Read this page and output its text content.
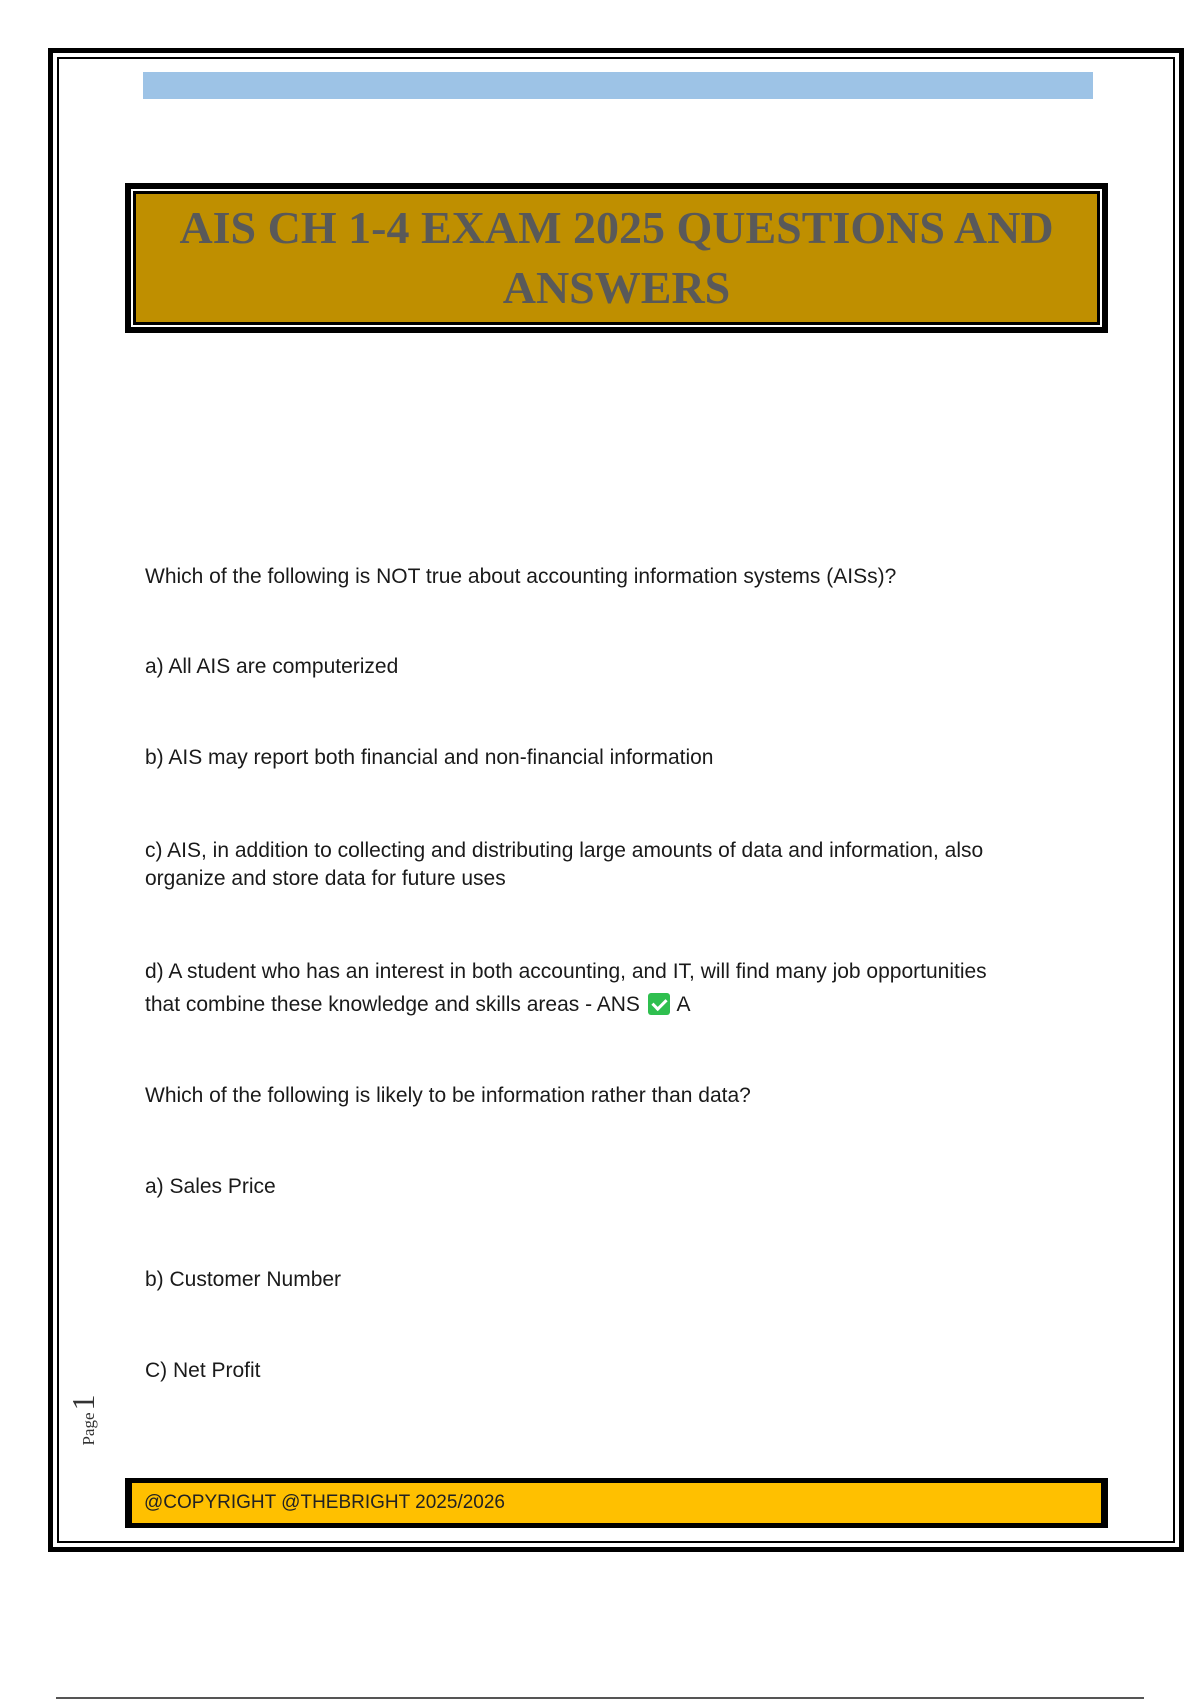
AIS CH 1-4 EXAM 2025 QUESTIONS AND
ANSWERS

Which of the following is NOT true about accounting information systems (AISs)?

a) All AIS are computerized

b) AIS may report both financial and non-financial information

c) AIS, in addition to collecting and distributing large amounts of data and information, also

organize and store data for future uses

d) A student who has an interest in both accounting, and IT, will find many job opportunities

that combine these knowledge and skills areas - ANS A

Which of the following is likely to be information rather than data?

a) Sales Price

b) Customer Number

C) Net Profit

Page
1
@COPYRIGHT @THEBRIGHT 2025/2026
